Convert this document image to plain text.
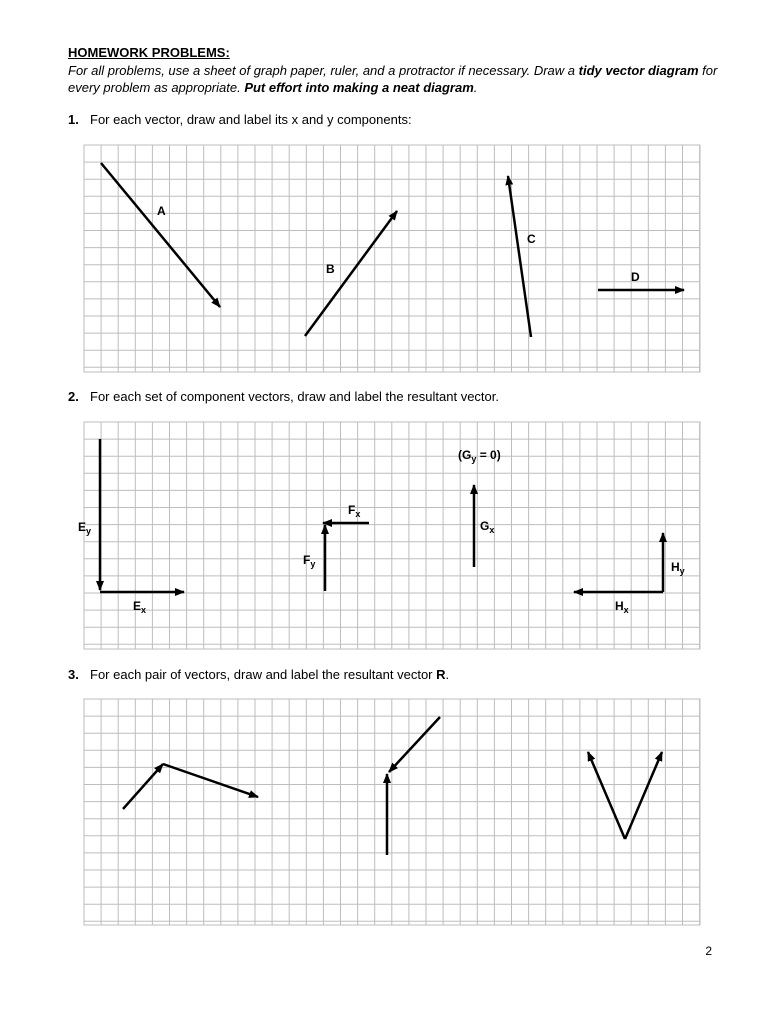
HOMEWORK PROBLEMS:
For all problems, use a sheet of graph paper, ruler, and a protractor if necessary. Draw a tidy vector diagram for every problem as appropriate. Put effort into making a neat diagram.
1. For each vector, draw and label its x and y components:
2. For each set of component vectors, draw and label the resultant vector.
3. For each pair of vectors, draw and label the resultant vector R.
A
B
C
D
$E_y$
$E_x$
$F_x$
$F_y$
$(G_y = 0)$
$G_x$
$H_y$
$H_x$
2
